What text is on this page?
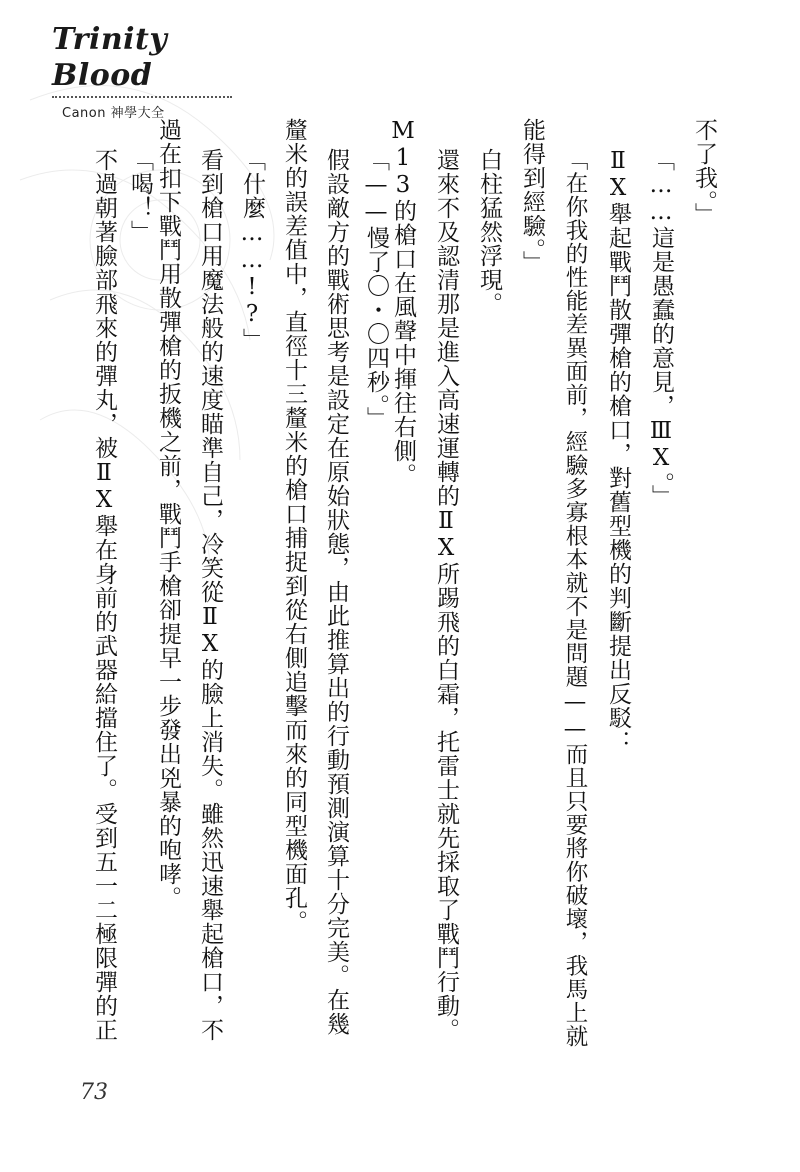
Trinity Blood
Canon 神學大全
不了我。」
「……這是愚蠢的意見，ⅢX。」
ⅡX舉起戰鬥散彈槍的槍口，對舊型機的判斷提出反駁：
「在你我的性能差異面前，經驗多寡根本就不是問題——而且只要將你破壞，我馬上就
能得到經驗。」
白柱猛然浮現。
還來不及認清那是進入高速運轉的ⅡX所踢飛的白霜，托雷士就先採取了戰鬥行動。
M13的槍口在風聲中揮往右側。
「——慢了〇・〇四秒。」
假設敵方的戰術思考是設定在原始狀態，由此推算出的行動預測演算十分完美。在幾
釐米的誤差值中，直徑十三釐米的槍口捕捉到從右側追擊而來的同型機面孔。
「什麼……!?」
看到槍口用魔法般的速度瞄準自己，冷笑從ⅡX的臉上消失。雖然迅速舉起槍口，不
過在扣下戰鬥用散彈槍的扳機之前，戰鬥手槍卻提早一步發出兇暴的咆哮。
「喝！」
不過朝著臉部飛來的彈丸，被ⅡX舉在身前的武器給擋住了。受到五一二極限彈的正
73
